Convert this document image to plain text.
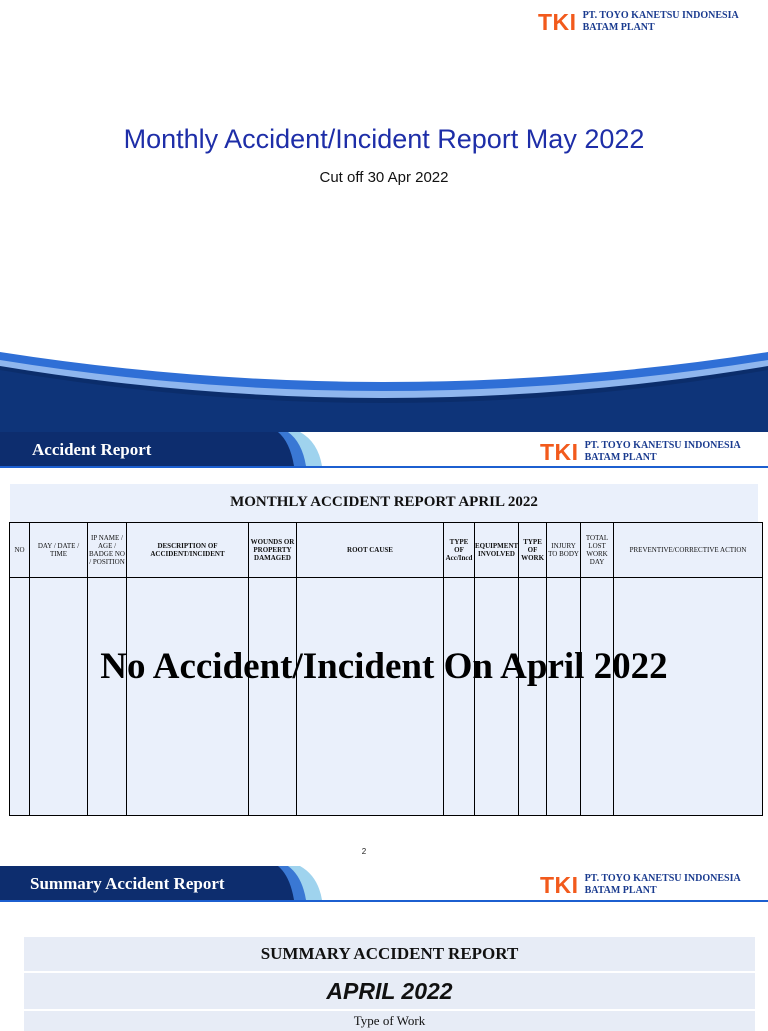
TKI PT. TOYO KANETSU INDONESIA
BATAM PLANT
Monthly Accident/Incident Report May 2022
Cut off 30 Apr 2022
Accident Report	TKI PT. TOYO KANETSU INDONESIA
BATAM PLANT
MONTHLY ACCIDENT REPORT APRIL 2022
NO	DAY / DATE / TIME	IP NAME / AGE / BADGE NO / POSITION	DESCRIPTION OF ACCIDENT/INCIDENT	WOUNDS OR PROPERTY DAMAGED	ROOT CAUSE	TYPE OF Acc/Incd	EQUIPMENT INVOLVED	TYPE OF WORK	INJURY TO BODY	TOTAL LOST WORK DAY	PREVENTIVE/CORRECTIVE ACTION

No Accident/Incident On April 2022
2
Summary Accident Report	TKI PT. TOYO KANETSU INDONESIA
BATAM PLANT
SUMMARY ACCIDENT REPORT
APRIL 2022
Type of Work
